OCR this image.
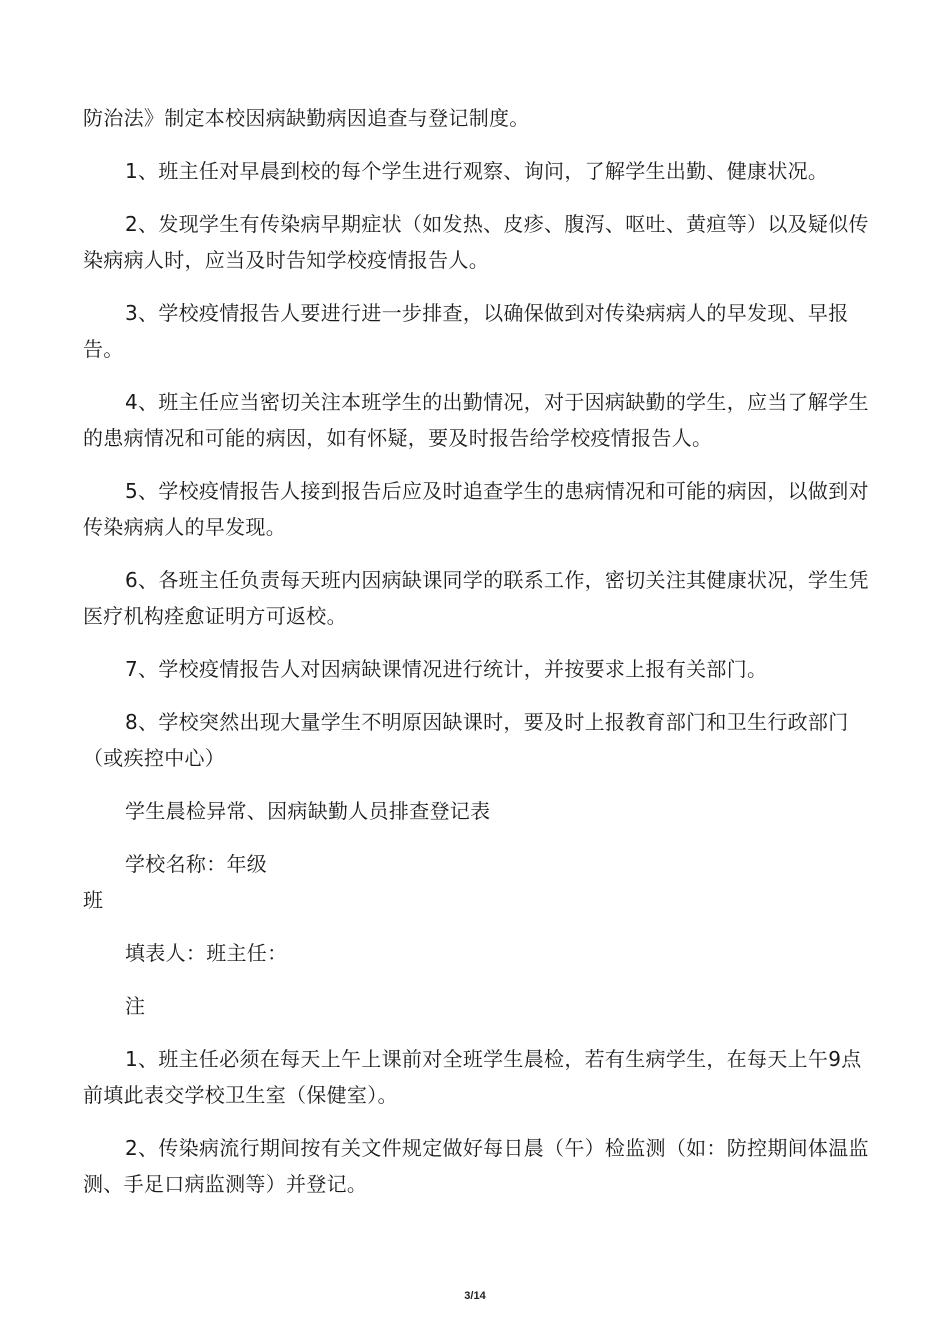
防治法》制定本校因病缺勤病因追查与登记制度。

1、班主任对早晨到校的每个学生进行观察、询问，了解学生出勤、健康状况。

2、发现学生有传染病早期症状（如发热、皮疹、腹泻、呕吐、黄疸等）以及疑似传染病病人时，应当及时告知学校疫情报告人。

3、学校疫情报告人要进行进一步排查，以确保做到对传染病病人的早发现、早报告。

4、班主任应当密切关注本班学生的出勤情况，对于因病缺勤的学生，应当了解学生的患病情况和可能的病因，如有怀疑，要及时报告给学校疫情报告人。

5、学校疫情报告人接到报告后应及时追查学生的患病情况和可能的病因，以做到对传染病病人的早发现。

6、各班主任负责每天班内因病缺课同学的联系工作，密切关注其健康状况，学生凭医疗机构痊愈证明方可返校。

7、学校疫情报告人对因病缺课情况进行统计，并按要求上报有关部门。

8、学校突然出现大量学生不明原因缺课时，要及时上报教育部门和卫生行政部门（或疾控中心）

学生晨检异常、因病缺勤人员排查登记表

学校名称：年级

班

填表人：班主任：

注

1、班主任必须在每天上午上课前对全班学生晨检，若有生病学生，在每天上午9点前填此表交学校卫生室（保健室）。

2、传染病流行期间按有关文件规定做好每日晨（午）检监测（如：防控期间体温监测、手足口病监测等）并登记。

3/14
